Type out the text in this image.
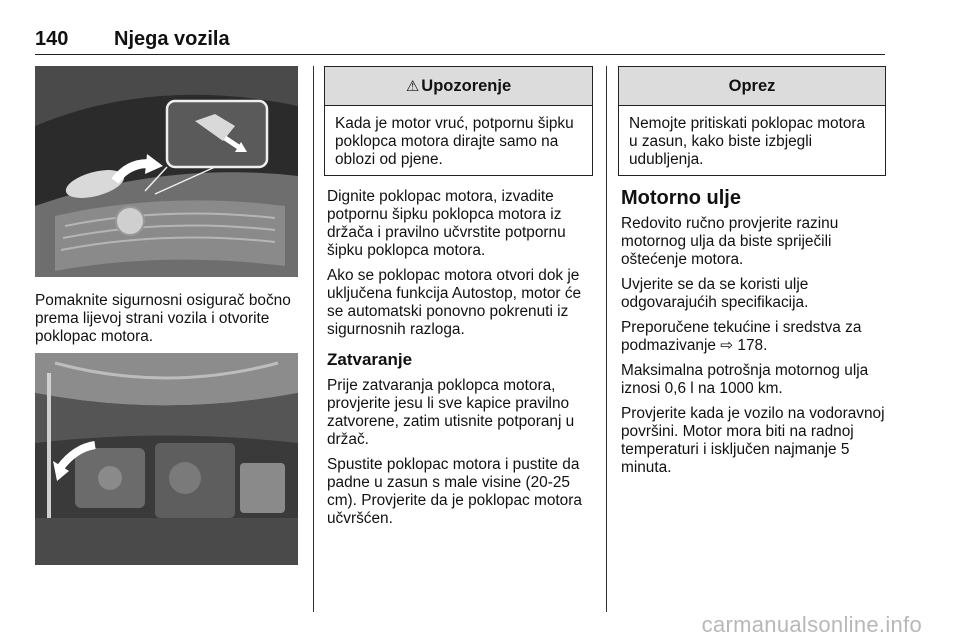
140 Njega vozila

Pomaknite sigurnosni osigurač bočno prema lijevoj strani vozila i otvorite poklopac motora.

⚠ Upozorenje
Kada je motor vruć, potpornu šipku poklopca motora dirajte samo na oblozi od pjene.

Dignite poklopac motora, izvadite potpornu šipku poklopca motora iz držača i pravilno učvrstite potpornu šipku poklopca motora.

Ako se poklopac motora otvori dok je uključena funkcija Autostop, motor će se automatski ponovno pokrenuti iz sigurnosnih razloga.

Zatvaranje

Prije zatvaranja poklopca motora, provjerite jesu li sve kapice pravilno zatvorene, zatim utisnite potporanj u držač.

Spustite poklopac motora i pustite da padne u zasun s male visine (20-25 cm). Provjerite da je poklopac motora učvršćen.

Oprez
Nemojte pritiskati poklopac motora u zasun, kako biste izbjegli udubljenja.
Motorno ulje

Redovito ručno provjerite razinu motornog ulja da biste spriječili oštećenje motora.

Uvjerite se da se koristi ulje odgovarajućih specifikacija.

Preporučene tekućine i sredstva za podmazivanje ⇨ 178.

Maksimalna potrošnja motornog ulja iznosi 0,6 l na 1000 km.

Provjerite kada je vozilo na vodoravnoj površini. Motor mora biti na radnoj temperaturi i isključen najmanje 5 minuta.

carmanualsonline.info
